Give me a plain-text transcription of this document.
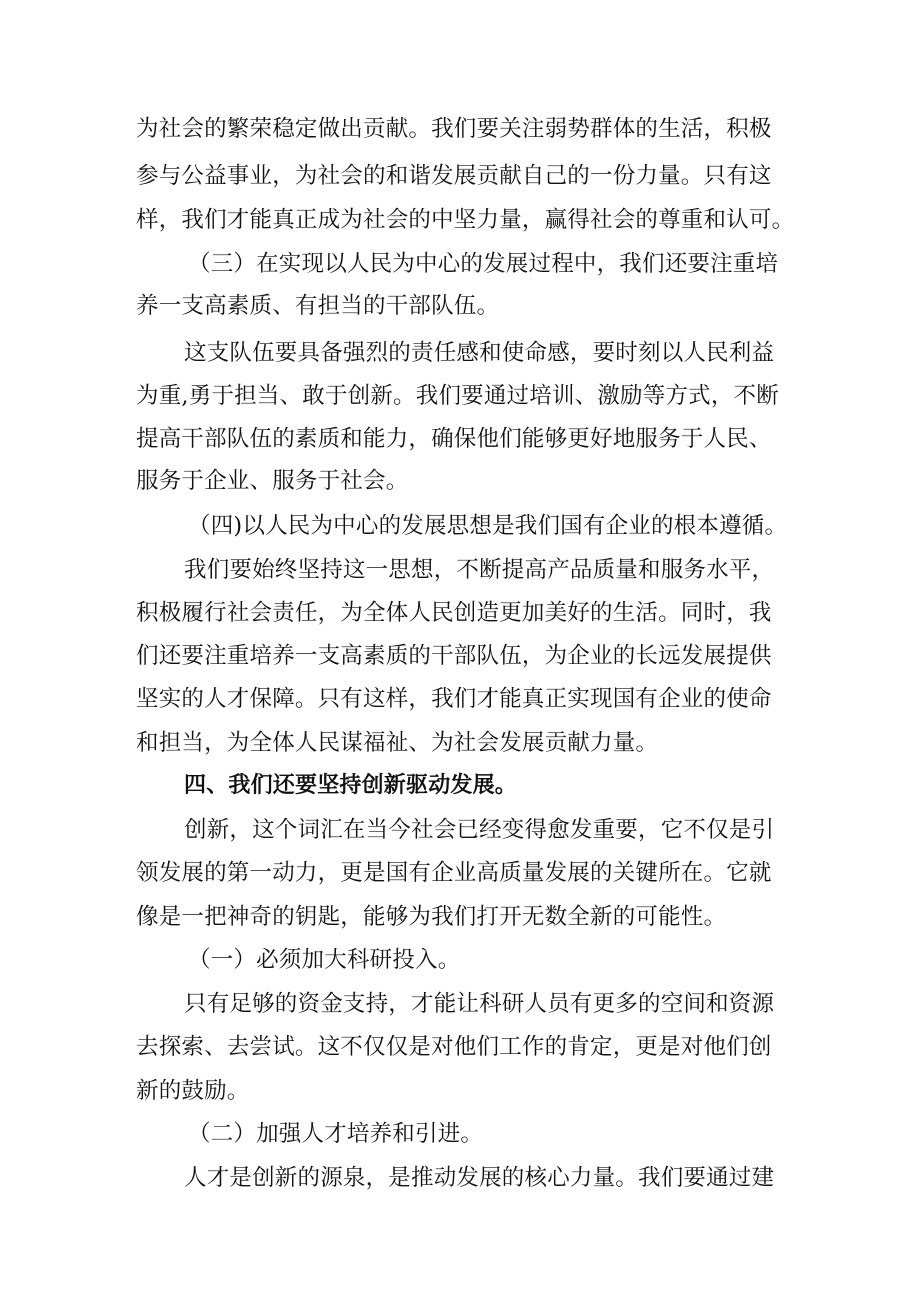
为社会的繁荣稳定做出贡献。我们要关注弱势群体的生活，积极
参与公益事业，为社会的和谐发展贡献自己的一份力量。只有这
样，我们才能真正成为社会的中坚力量，赢得社会的尊重和认可。
（三）在实现以人民为中心的发展过程中，我们还要注重培
养一支高素质、有担当的干部队伍。
这支队伍要具备强烈的责任感和使命感，要时刻以人民利益
为重,勇于担当、敢于创新。我们要通过培训、激励等方式，不断
提高干部队伍的素质和能力，确保他们能够更好地服务于人民、
服务于企业、服务于社会。
（四)以人民为中心的发展思想是我们国有企业的根本遵循。
我们要始终坚持这一思想，不断提高产品质量和服务水平，
积极履行社会责任，为全体人民创造更加美好的生活。同时，我
们还要注重培养一支高素质的干部队伍，为企业的长远发展提供
坚实的人才保障。只有这样，我们才能真正实现国有企业的使命
和担当，为全体人民谋福祉、为社会发展贡献力量。
四、我们还要坚持创新驱动发展。
创新，这个词汇在当今社会已经变得愈发重要，它不仅是引
领发展的第一动力，更是国有企业高质量发展的关键所在。它就
像是一把神奇的钥匙，能够为我们打开无数全新的可能性。
（一）必须加大科研投入。
只有足够的资金支持，才能让科研人员有更多的空间和资源
去探索、去尝试。这不仅仅是对他们工作的肯定，更是对他们创
新的鼓励。
（二）加强人才培养和引进。
人才是创新的源泉，是推动发展的核心力量。我们要通过建
